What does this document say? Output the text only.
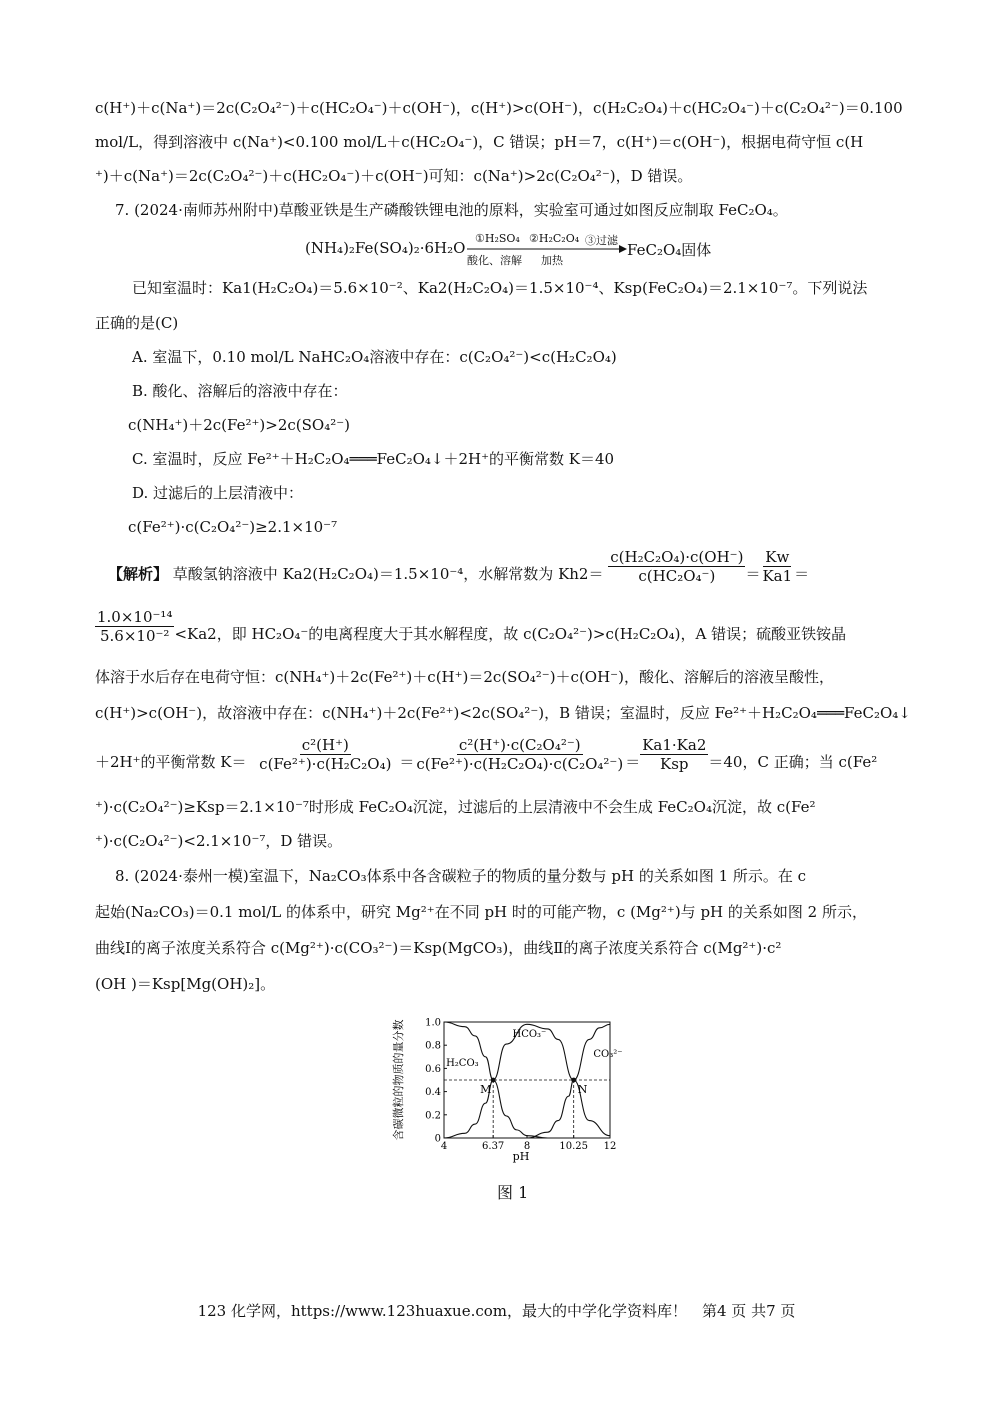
c(H⁺)＋c(Na⁺)＝2c(C₂O₄²⁻)＋c(HC₂O₄⁻)＋c(OH⁻)，c(H⁺)>c(OH⁻)，c(H₂C₂O₄)＋c(HC₂O₄⁻)＋c(C₂O₄²⁻)＝0.100
mol/L，得到溶液中 c(Na⁺)<0.100 mol/L＋c(HC₂O₄⁻)，C 错误；pH＝7，c(H⁺)＝c(OH⁻)，根据电荷守恒 c(H
⁺)＋c(Na⁺)＝2c(C₂O₄²⁻)＋c(HC₂O₄⁻)＋c(OH⁻)可知：c(Na⁺)>2c(C₂O₄²⁻)，D 错误。
7. (2024·南师苏州附中)草酸亚铁是生产磷酸铁锂电池的原料，实验室可通过如图反应制取 FeC₂O₄。
(NH₄)₂Fe(SO₄)₂·6H₂O
①H₂SO₄
酸化、溶解
②H₂C₂O₄
加热
③过滤
FeC₂O₄固体
已知室温时：Ka1(H₂C₂O₄)＝5.6×10⁻²、Ka2(H₂C₂O₄)＝1.5×10⁻⁴、Ksp(FeC₂O₄)＝2.1×10⁻⁷。下列说法
正确的是(C)
A. 室温下，0.10 mol/L NaHC₂O₄溶液中存在：c(C₂O₄²⁻)<c(H₂C₂O₄)
B. 酸化、溶解后的溶液中存在：
c(NH₄⁺)＋2c(Fe²⁺)>2c(SO₄²⁻)
C. 室温时，反应 Fe²⁺＋H₂C₂O₄═══FeC₂O₄↓＋2H⁺的平衡常数 K＝40
D. 过滤后的上层清液中：
c(Fe²⁺)·c(C₂O₄²⁻)≥2.1×10⁻⁷
【解析】 草酸氢钠溶液中 Ka2(H₂C₂O₄)＝1.5×10⁻⁴，水解常数为 $Kh2= \frac{\text{c(H₂C₂O₄)·c(OH⁻)}}{\text{c(HC₂O₄⁻)}} = \frac{Kw}{Ka1}$ ＝
$\frac{\text{1.0×10⁻¹⁴}}{\text{5.6×10⁻²}} <Ka2$，即 HC₂O₄⁻的电离程度大于其水解程度，故 c(C₂O₄²⁻)>c(H₂C₂O₄)，A 错误；硫酸亚铁铵晶
体溶于水后存在电荷守恒：c(NH₄⁺)＋2c(Fe²⁺)＋c(H⁺)＝2c(SO₄²⁻)＋c(OH⁻)，酸化、溶解后的溶液呈酸性，
c(H⁺)>c(OH⁻)，故溶液中存在：c(NH₄⁺)＋2c(Fe²⁺)<2c(SO₄²⁻)，B 错误；室温时，反应 Fe²⁺＋H₂C₂O₄═══FeC₂O₄↓
＋2H⁺的平衡常数 $K= \frac{\text{c²(H⁺)}}{\text{c(Fe²⁺)·c(H₂C₂O₄)}} = \frac{\text{c²(H⁺)·c(C₂O₄²⁻)}}{\text{c(Fe²⁺)·c(H₂C₂O₄)·c(C₂O₄²⁻)}} = \frac{Ka1\cdot Ka2}{\text{Ksp}} =40$，C 正确；当 c(Fe²
⁺)·c(C₂O₄²⁻)≥Ksp＝2.1×10⁻⁷时形成 FeC₂O₄沉淀，过滤后的上层清液中不会生成 FeC₂O₄沉淀，故 c(Fe²
⁺)·c(C₂O₄²⁻)<2.1×10⁻⁷，D 错误。
8. (2024·泰州一模)室温下，Na₂CO₃体系中各含碳粒子的物质的量分数与 pH 的关系如图 1 所示。在 c
起始(Na₂CO₃)＝0.1 mol/L 的体系中，研究 Mg²⁺在不同 pH 时的可能产物，c (Mg²⁺)与 pH 的关系如图 2 所示，
曲线Ⅰ的离子浓度关系符合 c(Mg²⁺)·c(CO₃²⁻)＝Ksp(MgCO₃)，曲线Ⅱ的离子浓度关系符合 c(Mg²⁺)·c²
(OH )＝Ksp[Mg(OH)₂]。
4	6.37 8	10.25 12
0
0.2
0.4
0.6
0.8
1.0
pH
含碳微粒的物质的量分数	M	N
H₂CO₃
HCO₃⁻
CO₃²⁻
图 1
123 化学网，https://www.123huaxue.com，最大的中学化学资料库！　第4 页 共7 页
